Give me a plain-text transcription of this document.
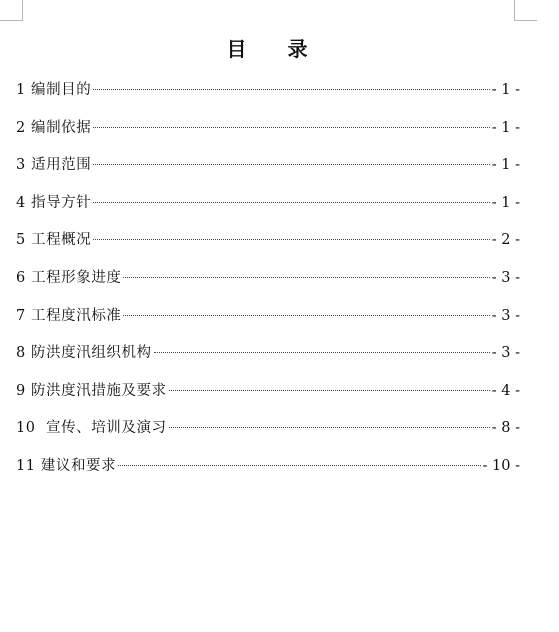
目 录
1 编制目的	- 1 -
2 编制依据	- 1 -
3 适用范围	- 1 -
4 指导方针	- 1 -
5 工程概况	- 2 -
6 工程形象进度	- 3 -
7 工程度汛标准	- 3 -
8 防洪度汛组织机构	- 3 -
9 防洪度汛措施及要求	- 4 -
10  宣传、培训及演习	- 8 -
11 建议和要求	- 10 -
